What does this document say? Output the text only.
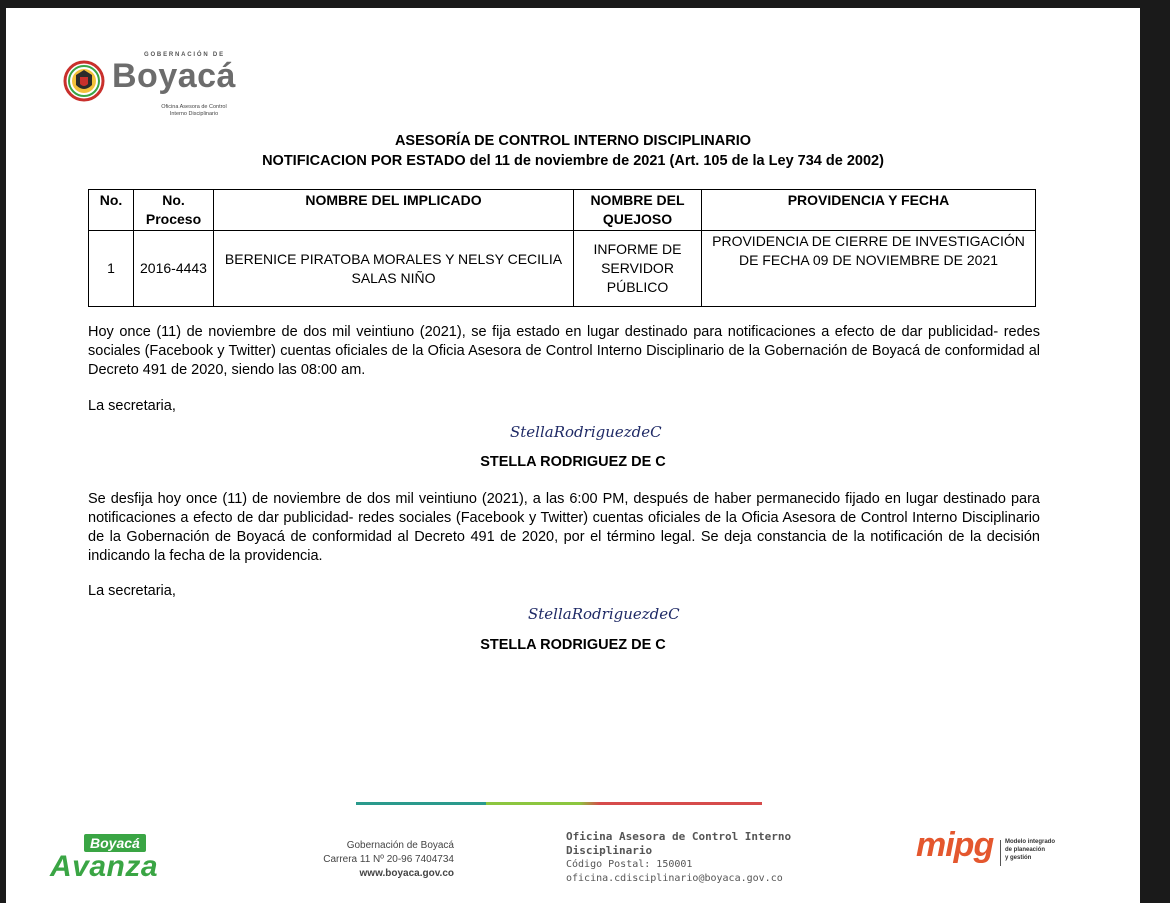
GOBERNACIÓN DE
Boyacá
Oficina Asesora de Control
Interno Disciplinario
ASESORÍA DE CONTROL INTERNO DISCIPLINARIO
NOTIFICACION POR ESTADO del 11 de noviembre de 2021 (Art. 105 de la Ley 734 de 2002)
No.	No. Proceso	NOMBRE DEL IMPLICADO	NOMBRE DEL QUEJOSO	PROVIDENCIA Y FECHA
1	2016-4443	BERENICE PIRATOBA MORALES Y NELSY CECILIA SALAS NIÑO	INFORME DE SERVIDOR PÚBLICO	PROVIDENCIA DE CIERRE DE INVESTIGACIÓN DE FECHA 09 DE NOVIEMBRE DE 2021
Hoy once (11) de noviembre de dos mil veintiuno (2021), se fija estado en lugar destinado para notificaciones a efecto de dar publicidad- redes sociales (Facebook y Twitter) cuentas oficiales de la Oficia Asesora de Control Interno Disciplinario de la Gobernación de Boyacá de conformidad al Decreto 491 de 2020, siendo las 08:00 am.
La secretaria,
StellaRodriguezdeC
STELLA RODRIGUEZ DE C
Se desfija hoy once (11) de noviembre de dos mil veintiuno (2021), a las 6:00 PM, después de haber permanecido fijado en lugar destinado para notificaciones a efecto de dar publicidad- redes sociales (Facebook y Twitter) cuentas oficiales de la Oficia Asesora de Control Interno Disciplinario de la Gobernación de Boyacá de conformidad al Decreto 491 de 2020, por el término legal. Se deja constancia de la notificación de la decisión indicando la fecha de la providencia.
La secretaria,
StellaRodriguezdeC
STELLA RODRIGUEZ DE C
Boyacá
Avanza
Gobernación de Boyacá
Carrera 11 Nº 20-96 7404734
www.boyaca.gov.co
Oficina Asesora de Control Interno
Disciplinario
Código Postal: 150001
oficina.cdisciplinario@boyaca.gov.co
mipg Modelo integrado
de planeación
y gestión
